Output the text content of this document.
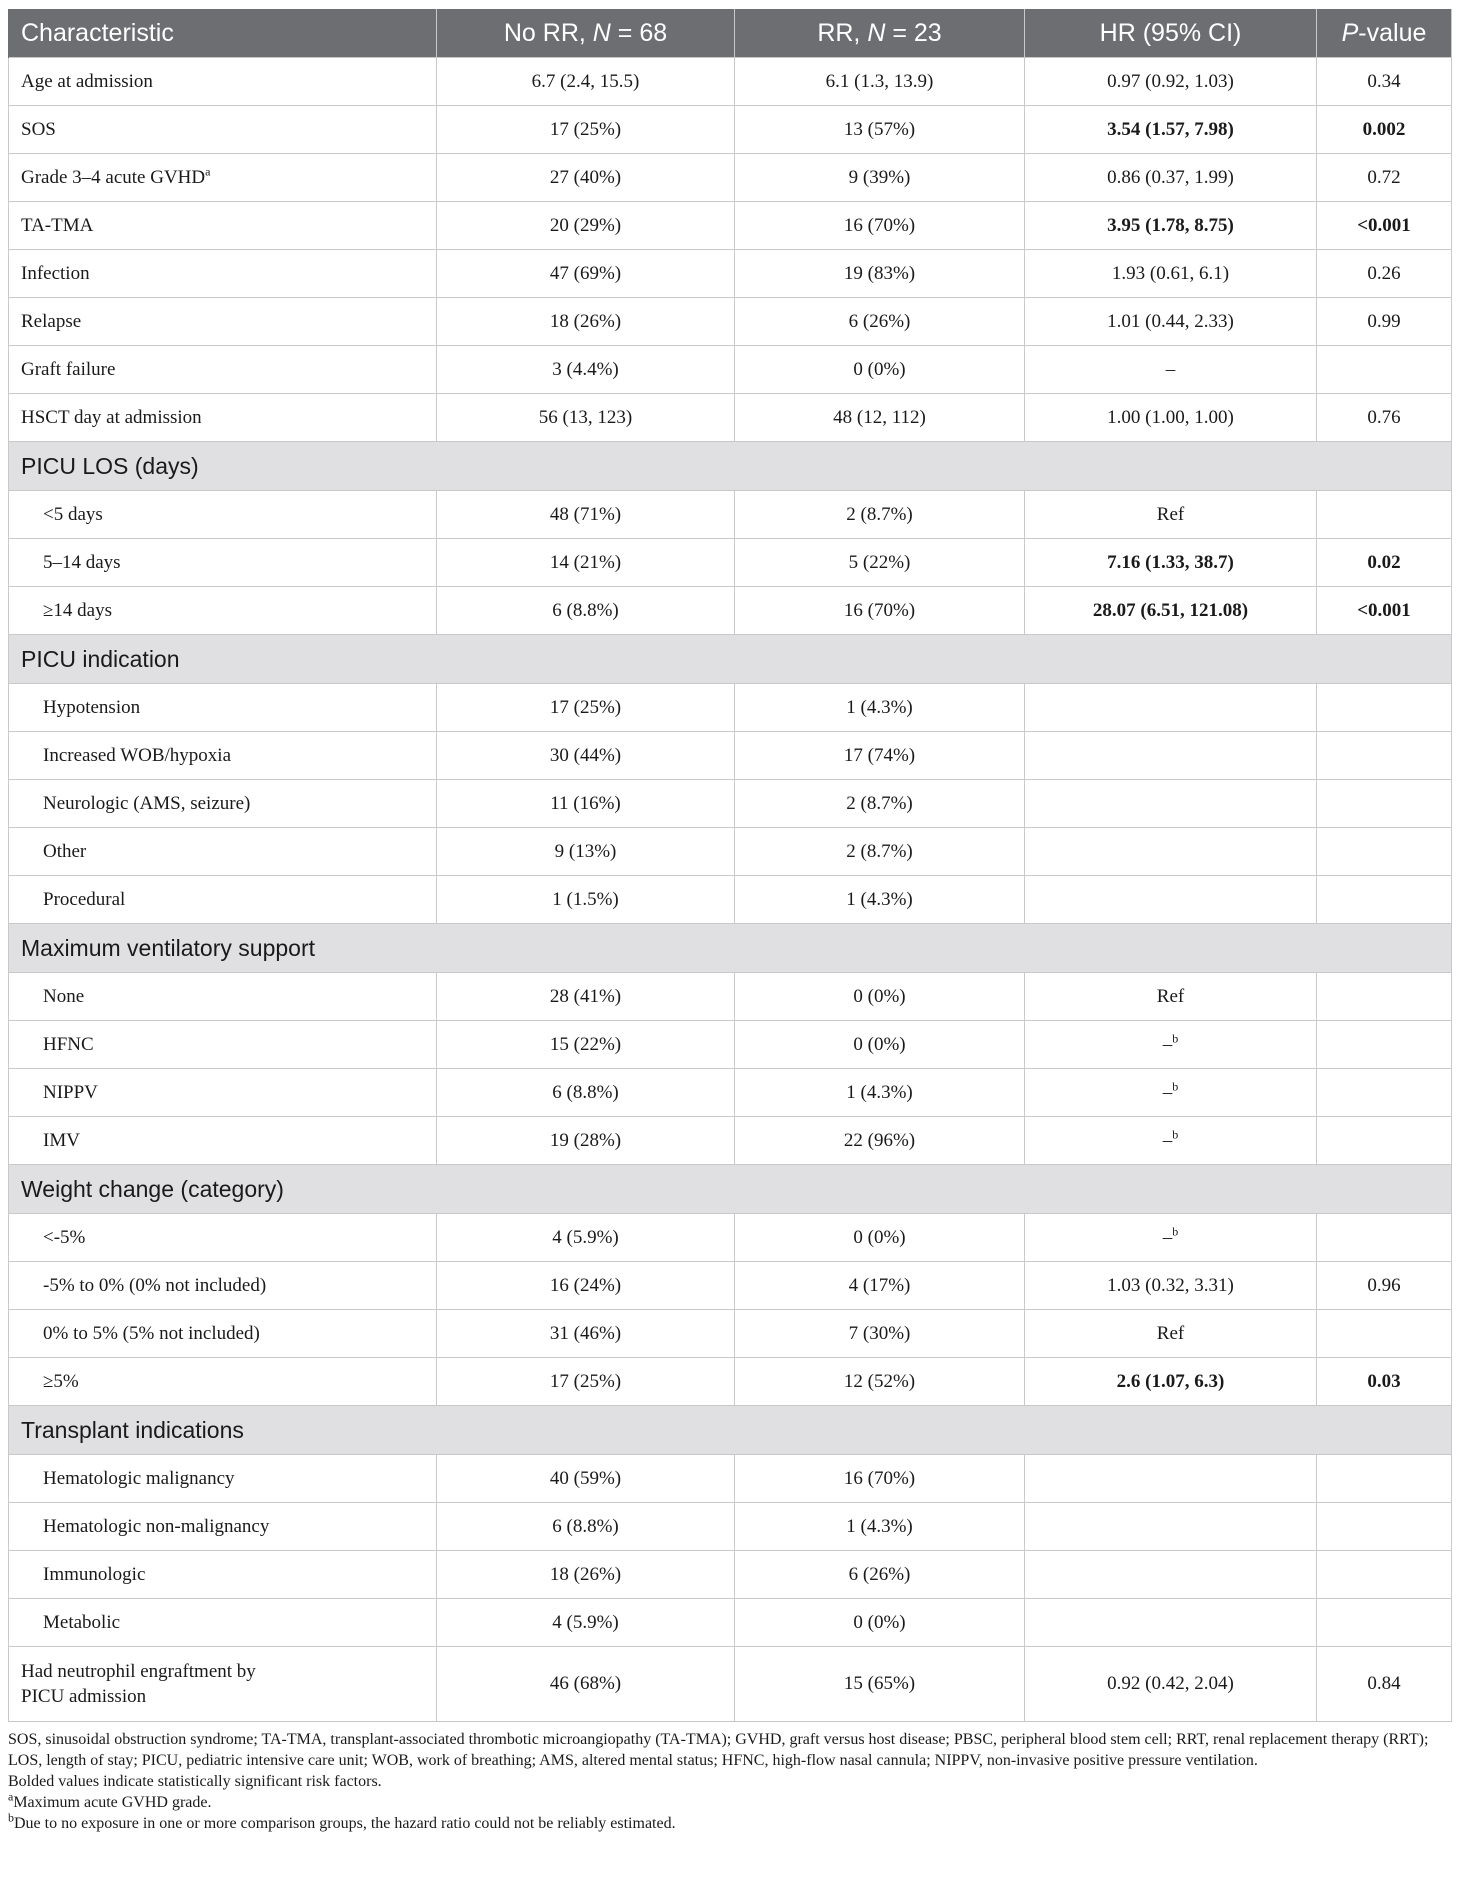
Characteristic	No RR, N = 68	RR, N = 23	HR (95% CI)	P-value
Age at admission	6.7 (2.4, 15.5)	6.1 (1.3, 13.9)	0.97 (0.92, 1.03)	0.34
SOS	17 (25%)	13 (57%)	3.54 (1.57, 7.98)	0.002
Grade 3–4 acute GVHD$^a$	27 (40%)	9 (39%)	0.86 (0.37, 1.99)	0.72
TA-TMA	20 (29%)	16 (70%)	3.95 (1.78, 8.75)	<0.001
Infection	47 (69%)	19 (83%)	1.93 (0.61, 6.1)	0.26
Relapse	18 (26%)	6 (26%)	1.01 (0.44, 2.33)	0.99
Graft failure	3 (4.4%)	0 (0%)	–	
HSCT day at admission	56 (13, 123)	48 (12, 112)	1.00 (1.00, 1.00)	0.76
PICU LOS (days)				
<5 days	48 (71%)	2 (8.7%)	Ref	
5–14 days	14 (21%)	5 (22%)	7.16 (1.33, 38.7)	0.02
≥14 days	6 (8.8%)	16 (70%)	28.07 (6.51, 121.08)	<0.001
PICU indication				
Hypotension	17 (25%)	1 (4.3%)		
Increased WOB/hypoxia	30 (44%)	17 (74%)		
Neurologic (AMS, seizure)	11 (16%)	2 (8.7%)		
Other	9 (13%)	2 (8.7%)		
Procedural	1 (1.5%)	1 (4.3%)		
Maximum ventilatory support				
None	28 (41%)	0 (0%)	Ref	
HFNC	15 (22%)	0 (0%)	–$^b$	
NIPPV	6 (8.8%)	1 (4.3%)	–$^b$	
IMV	19 (28%)	22 (96%)	–$^b$	
Weight change (category)				
<-5%	4 (5.9%)	0 (0%)	–$^b$	
-5% to 0% (0% not included)	16 (24%)	4 (17%)	1.03 (0.32, 3.31)	0.96
0% to 5% (5% not included)	31 (46%)	7 (30%)	Ref	
≥5%	17 (25%)	12 (52%)	2.6 (1.07, 6.3)	0.03
Transplant indications				
Hematologic malignancy	40 (59%)	16 (70%)		
Hematologic non-malignancy	6 (8.8%)	1 (4.3%)		
Immunologic	18 (26%)	6 (26%)		
Metabolic	4 (5.9%)	0 (0%)		
Had neutrophil engraftment by
PICU admission	46 (68%)	15 (65%)	0.92 (0.42, 2.04)	0.84

SOS, sinusoidal obstruction syndrome; TA-TMA, transplant-associated thrombotic microangiopathy (TA-TMA); GVHD, graft versus host disease; PBSC, peripheral blood stem cell; RRT, renal replacement therapy (RRT); LOS, length of stay; PICU, pediatric intensive care unit; WOB, work of breathing; AMS, altered mental status; HFNC, high-flow nasal cannula; NIPPV, non-invasive positive pressure ventilation.

Bolded values indicate statistically significant risk factors.

$^a$Maximum acute GVHD grade.

$^b$Due to no exposure in one or more comparison groups, the hazard ratio could not be reliably estimated.
